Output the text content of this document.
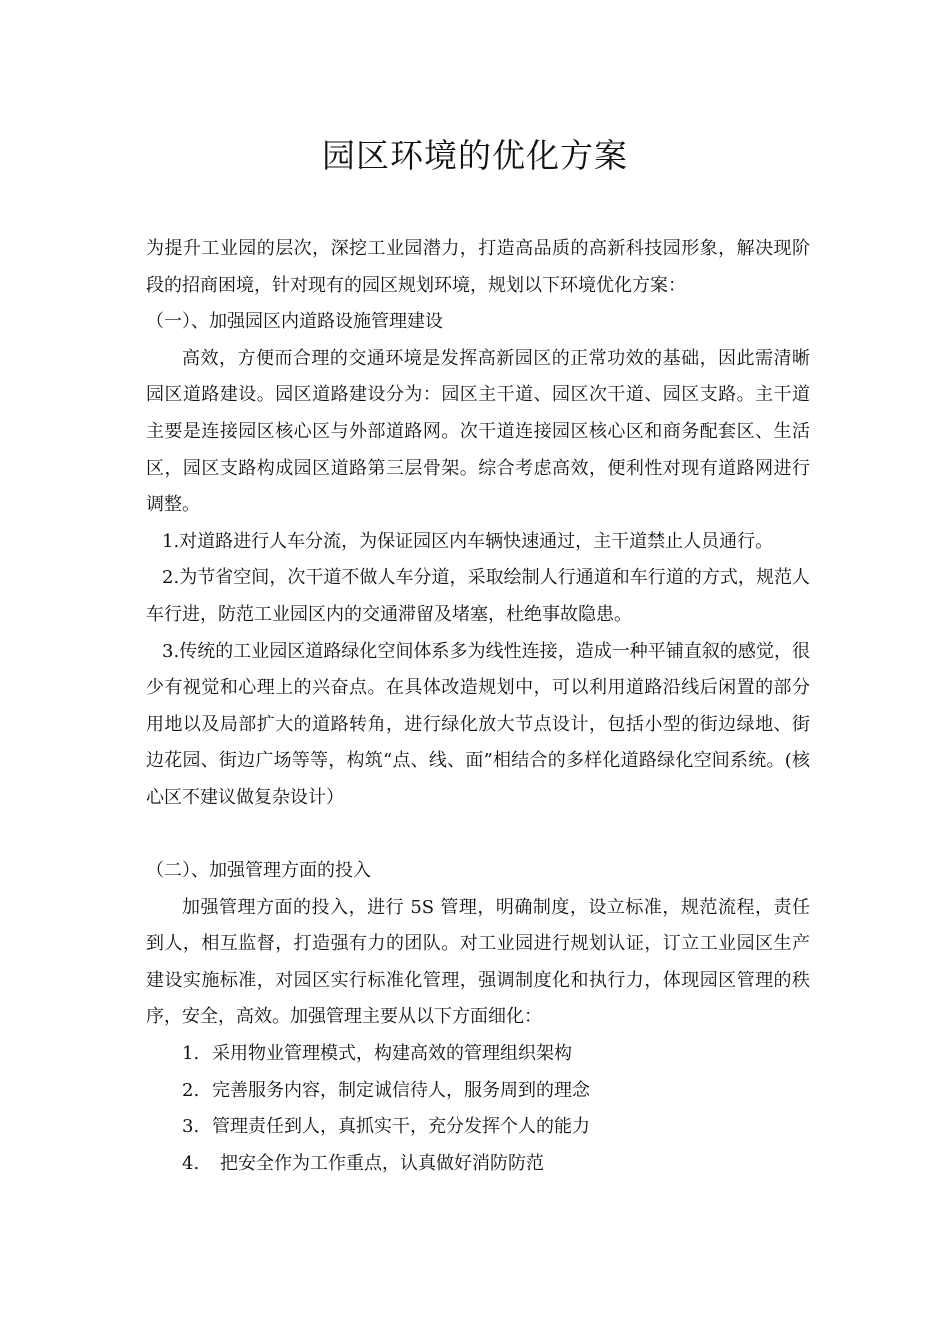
园区环境的优化方案

为提升工业园的层次，深挖工业园潜力，打造高品质的高新科技园形象，解决现阶段的招商困境，针对现有的园区规划环境，规划以下环境优化方案：

（一）、加强园区内道路设施管理建设

高效，方便而合理的交通环境是发挥高新园区的正常功效的基础，因此需清晰园区道路建设。园区道路建设分为：园区主干道、园区次干道、园区支路。主干道主要是连接园区核心区与外部道路网。次干道连接园区核心区和商务配套区、生活区，园区支路构成园区道路第三层骨架。综合考虑高效，便利性对现有道路网进行调整。

1.对道路进行人车分流，为保证园区内车辆快速通过，主干道禁止人员通行。

2.为节省空间，次干道不做人车分道，采取绘制人行通道和车行道的方式，规范人车行进，防范工业园区内的交通滞留及堵塞，杜绝事故隐患。

3.传统的工业园区道路绿化空间体系多为线性连接，造成一种平铺直叙的感觉，很少有视觉和心理上的兴奋点。在具体改造规划中，可以利用道路沿线后闲置的部分用地以及局部扩大的道路转角，进行绿化放大节点设计，包括小型的街边绿地、街边花园、街边广场等等，构筑“点、线、面”相结合的多样化道路绿化空间系统。(核心区不建议做复杂设计）

（二）、加强管理方面的投入

加强管理方面的投入，进行 5S 管理，明确制度，设立标准，规范流程，责任到人，相互监督，打造强有力的团队。对工业园进行规划认证，订立工业园区生产建设实施标准，对园区实行标准化管理，强调制度化和执行力，体现园区管理的秩序，安全，高效。加强管理主要从以下方面细化：

1. 采用物业管理模式，构建高效的管理组织架构
2. 完善服务内容，制定诚信待人，服务周到的理念
3. 管理责任到人，真抓实干，充分发挥个人的能力
4. 把安全作为工作重点，认真做好消防防范
